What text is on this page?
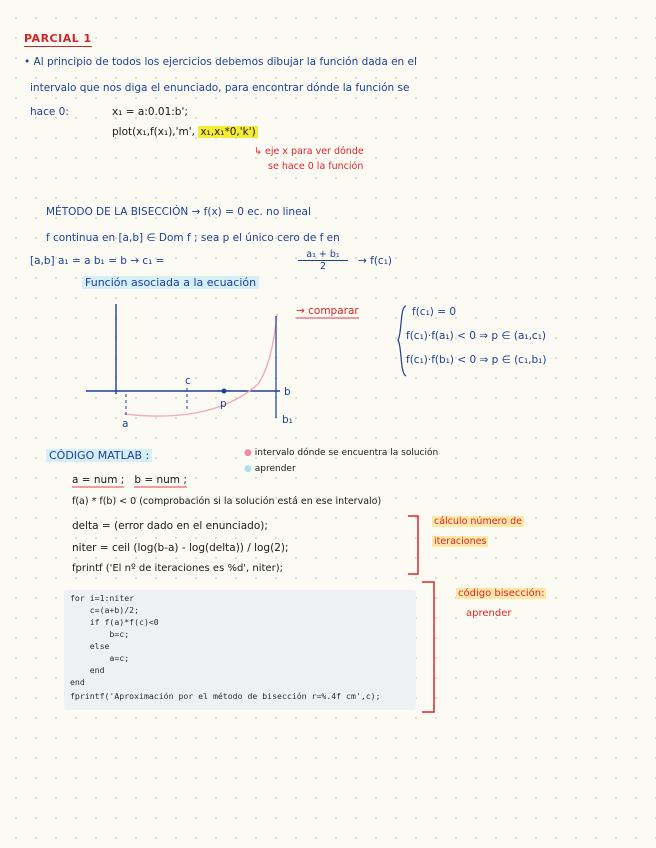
PARCIAL 1
• Al principio de todos los ejercicios debemos dibujar la función dada en el
intervalo que nos diga el enunciado, para encontrar dónde la función se
hace 0:	x₁ = a:0.01:b';
plot(x₁,f(x₁),'m', x₁,x₁*0,'k')
↳ eje x para ver dónde
se hace 0 la función
MÉTODO DE LA BISECCIÓN → f(x) = 0 ec. no lineal
f continua en [a,b] ∈ Dom f ; sea p el único cero de f en
[a,b] a₁ = a b₁ = b → c₁ =	$\frac{\text{a₁ + b₁}}{2} \to f(c_1)$
Función asociada a la ecuación
a
c
p
b
b₁
→ comparar	f(c₁) = 0
f(c₁)·f(a₁) < 0 ⇒ p ∈ (a₁,c₁)
f(c₁)·f(b₁) < 0 ⇒ p ∈ (c₁,b₁)
CÓDIGO MATLAB :	● intervalo dónde se encuentra la solución
● aprender
a = num ; b = num ;
f(a) * f(b) < 0 (comprobación si la solución está en ese intervalo)
delta = (error dado en el enunciado);
niter = ceil (log(b-a) - log(delta)) / log(2);
fprintf ('El nº de iteraciones es %d', niter);
cálculo número de
iteraciones
código bisección:
aprender
for i=1:niter
c=(a+b)/2;
if f(a)*f(c)<0
b=c;
else
a=c;
end
end
fprintf('Aproximación por el método de bisección r=%.4f cm',c);
